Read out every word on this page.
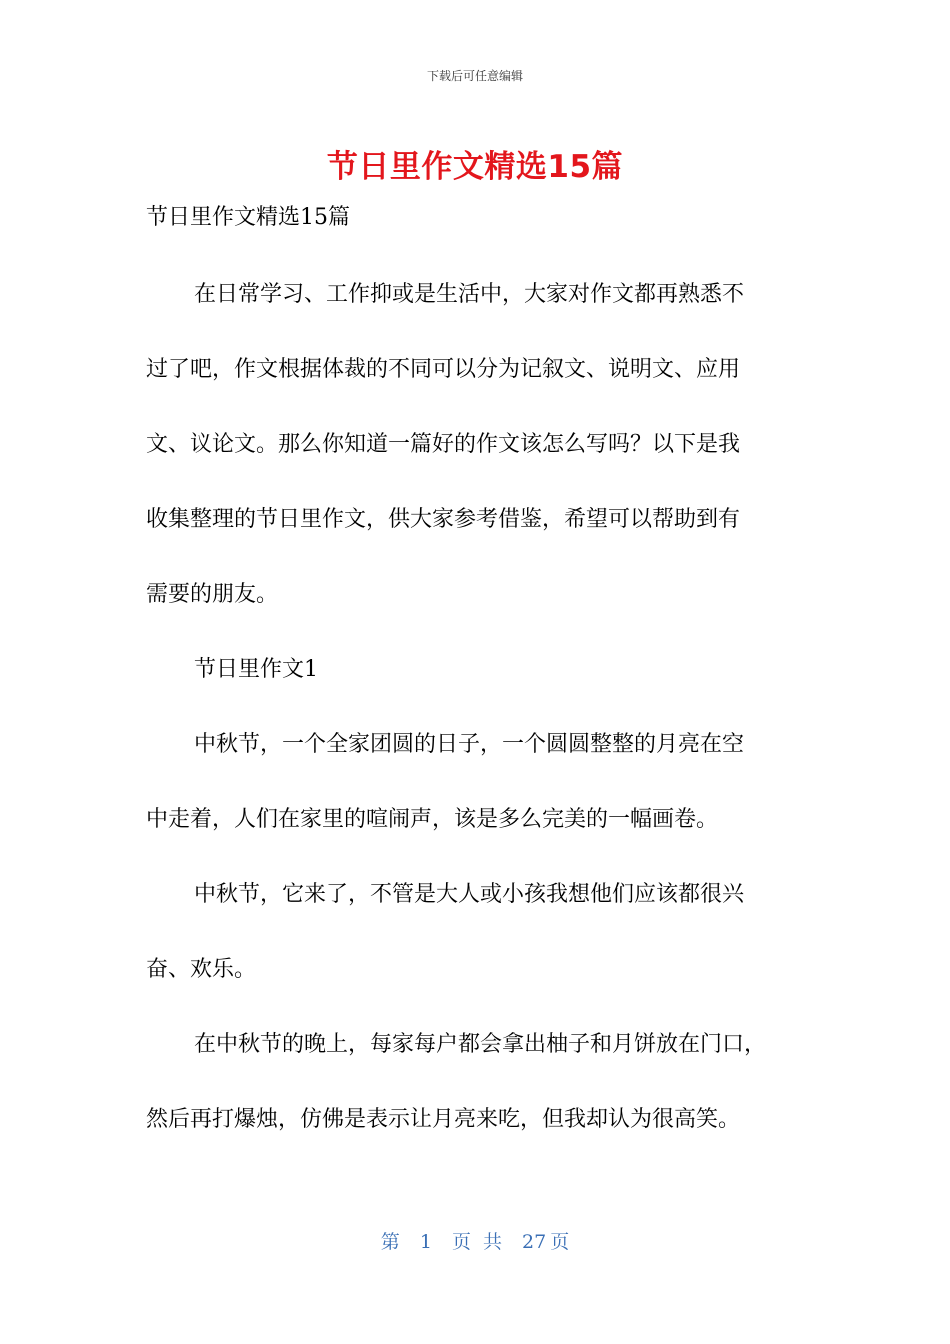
下载后可任意编辑
节日里作文精选15篇
节日里作文精选15篇
在日常学习、工作抑或是生活中，大家对作文都再熟悉不
过了吧，作文根据体裁的不同可以分为记叙文、说明文、应用
文、议论文。那么你知道一篇好的作文该怎么写吗？以下是我
收集整理的节日里作文，供大家参考借鉴，希望可以帮助到有
需要的朋友。
节日里作文1
中秋节，一个全家团圆的日子，一个圆圆整整的月亮在空
中走着，人们在家里的喧闹声，该是多么完美的一幅画卷。
中秋节，它来了，不管是大人或小孩我想他们应该都很兴
奋、欢乐。
在中秋节的晚上，每家每户都会拿出柚子和月饼放在门口，
然后再打爆烛，仿佛是表示让月亮来吃，但我却认为很高笑。
第 1 页 共 27 页
